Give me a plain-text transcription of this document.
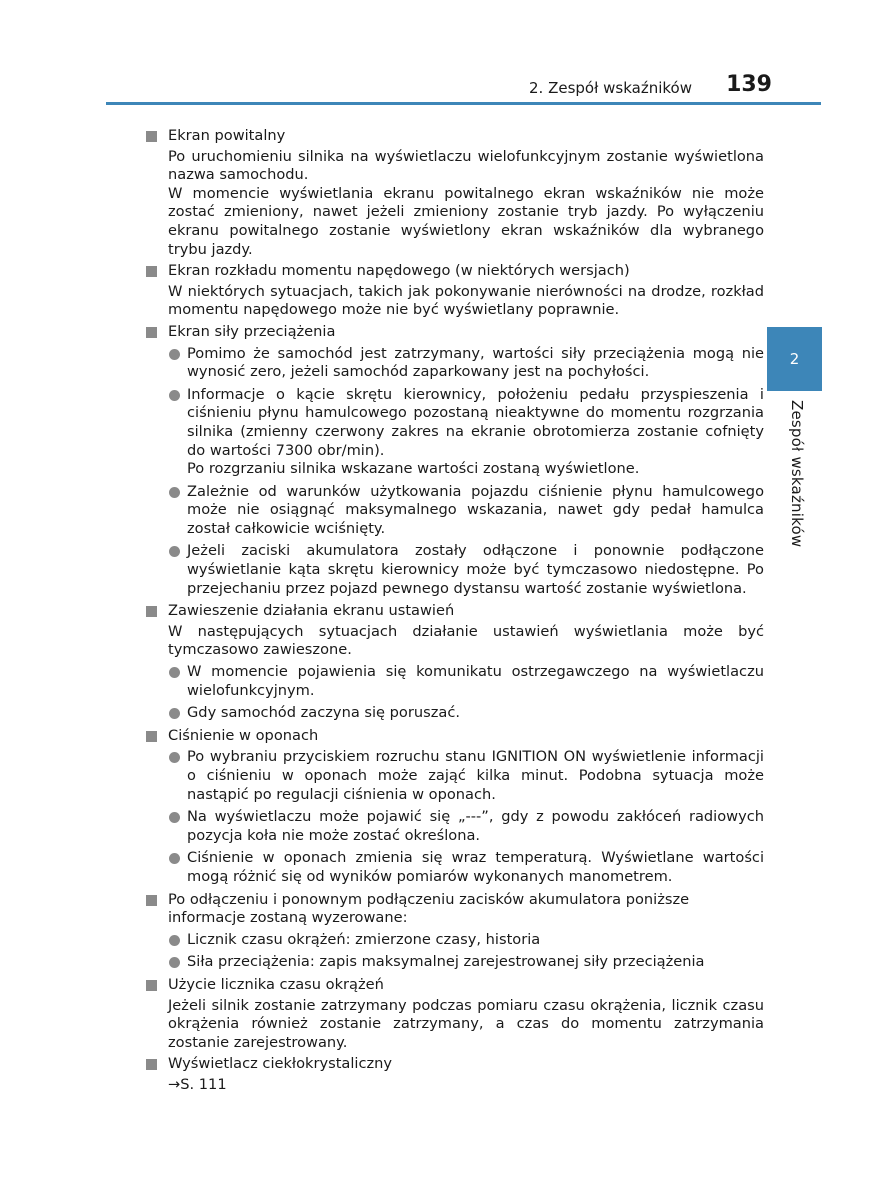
2. Zespół wskaźników 139
2
Zespół wskaźników
Ekran powitalny

Po uruchomieniu silnika na wyświetlaczu wielofunkcyjnym zostanie wyświetlona nazwa samochodu.

W momencie wyświetlania ekranu powitalnego ekran wskaźników nie może zostać zmieniony, nawet jeżeli zmieniony zostanie tryb jazdy. Po wyłączeniu ekranu powitalnego zostanie wyświetlony ekran wskaźników dla wybranego trybu jazdy.

Ekran rozkładu momentu napędowego (w niektórych wersjach)

W niektórych sytuacjach, takich jak pokonywanie nierówności na drodze, rozkład momentu napędowego może nie być wyświetlany poprawnie.

Ekran siły przeciążenia
Pomimo że samochód jest zatrzymany, wartości siły przeciążenia mogą nie wynosić zero, jeżeli samochód zaparkowany jest na pochyłości.
Informacje o kącie skrętu kierownicy, położeniu pedału przyspieszenia i ciśnieniu płynu hamulcowego pozostaną nieaktywne do momentu rozgrzania silnika (zmienny czerwony zakres na ekranie obrotomierza zostanie cofnięty do wartości 7300 obr/min).
Po rozgrzaniu silnika wskazane wartości zostaną wyświetlone.
Zależnie od warunków użytkowania pojazdu ciśnienie płynu hamulcowego może nie osiągnąć maksymalnego wskazania, nawet gdy pedał hamulca został całkowicie wciśnięty.
Jeżeli zaciski akumulatora zostały odłączone i ponownie podłączone wyświetlanie kąta skrętu kierownicy może być tymczasowo niedostępne. Po przejechaniu przez pojazd pewnego dystansu wartość zostanie wyświetlona.
Zawieszenie działania ekranu ustawień

W następujących sytuacjach działanie ustawień wyświetlania może być tymczasowo zawieszone.

W momencie pojawienia się komunikatu ostrzegawczego na wyświetlaczu wielofunkcyjnym.
Gdy samochód zaczyna się poruszać.
Ciśnienie w oponach
Po wybraniu przyciskiem rozruchu stanu IGNITION ON wyświetlenie informacji o ciśnieniu w oponach może zająć kilka minut. Podobna sytuacja może nastąpić po regulacji ciśnienia w oponach.
Na wyświetlaczu może pojawić się „---”, gdy z powodu zakłóceń radiowych pozycja koła nie może zostać określona.
Ciśnienie w oponach zmienia się wraz temperaturą. Wyświetlane wartości mogą różnić się od wyników pomiarów wykonanych manometrem.
Po odłączeniu i ponownym podłączeniu zacisków akumulatora poniższe informacje zostaną wyzerowane:
Licznik czasu okrążeń: zmierzone czasy, historia
Siła przeciążenia: zapis maksymalnej zarejestrowanej siły przeciążenia
Użycie licznika czasu okrążeń

Jeżeli silnik zostanie zatrzymany podczas pomiaru czasu okrążenia, licznik czasu okrążenia również zostanie zatrzymany, a czas do momentu zatrzymania zostanie zarejestrowany.

Wyświetlacz ciekłokrystaliczny
→S. 111
